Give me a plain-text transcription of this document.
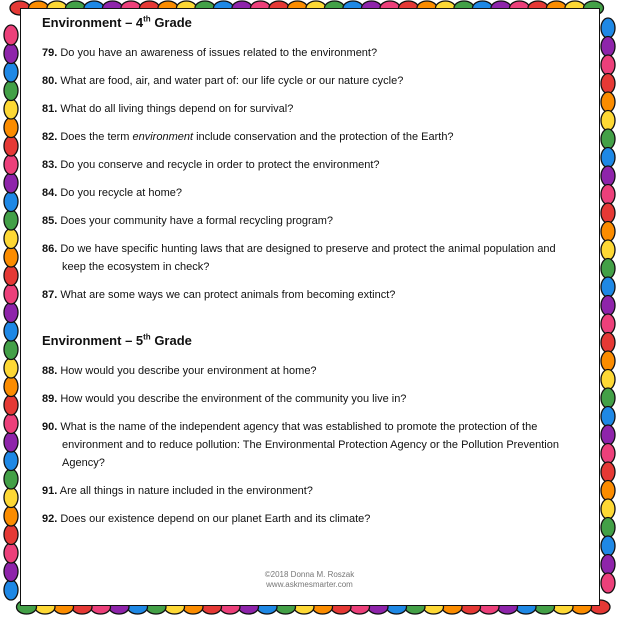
Environment – 4th Grade
79. Do you have an awareness of issues related to the environment?
80. What are food, air, and water part of: our life cycle or our nature cycle?
81. What do all living things depend on for survival?
82. Does the term environment include conservation and the protection of the Earth?
83. Do you conserve and recycle in order to protect the environment?
84. Do you recycle at home?
85. Does your community have a formal recycling program?
86. Do we have specific hunting laws that are designed to preserve and protect the animal population and keep the ecosystem in check?
87. What are some ways we can protect animals from becoming extinct?
Environment – 5th Grade
88. How would you describe your environment at home?
89. How would you describe the environment of the community you live in?
90. What is the name of the independent agency that was established to promote the protection of the environment and to reduce pollution: The Environmental Protection Agency or the Pollution Prevention Agency?
91. Are all things in nature included in the environment?
92. Does our existence depend on our planet Earth and its climate?
©2018 Donna M. Roszak
www.askmesmarter.com
